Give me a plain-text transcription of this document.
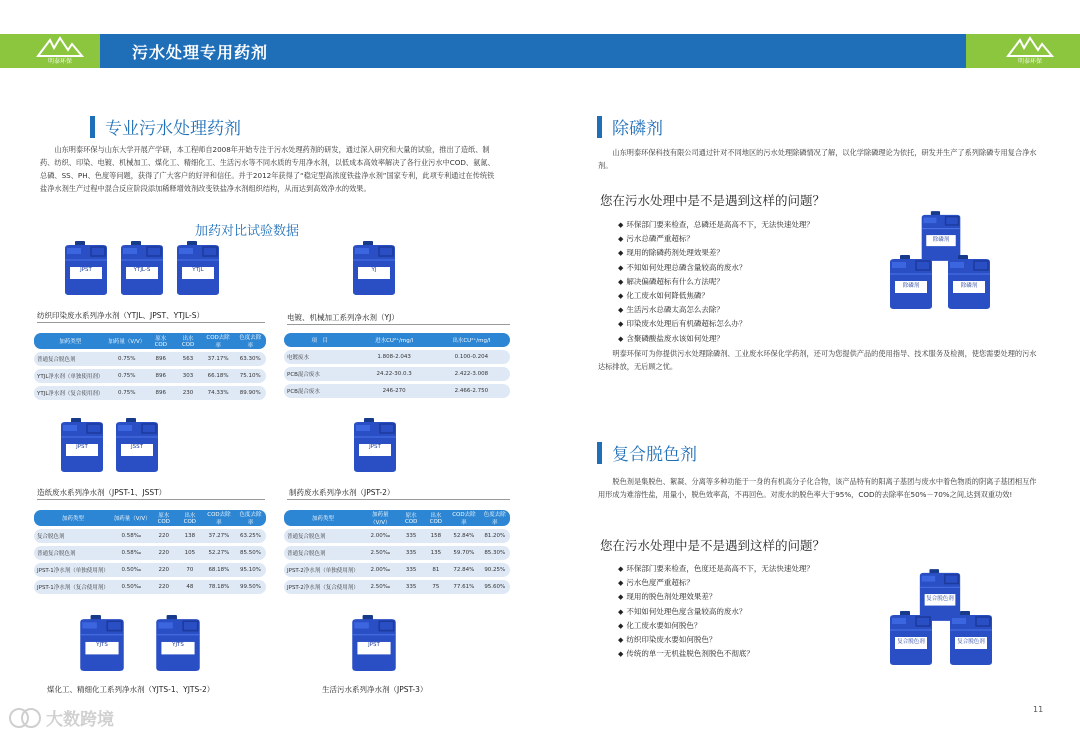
污水处理专用药剂
明泰环保	明泰环保
专业污水处理药剂
山东明泰环保与山东大学开展产学研，本工程师自2008年开始专注于污水处理药剂的研发，通过深入研究和大量的试验，推出了造纸、制药、纺织、印染、电镀、机械加工、煤化工、精细化工、生活污水等不同水质的专用净水剂，以低成本高效率解决了各行业污水中COD、氨氮、总磷、SS、PH、色度等问题，获得了广大客户的好评和信任。并于2012年获得了“稳定型高浓度铁盐净水剂”国家专利，此项专利通过在传统铁盐净水剂生产过程中混合反应阶段添加稀释增效剂改变铁盐净水剂组织结构，从而达到高效净水的效果。
加药对比试验数据
JPST	YTJL-S	YTJL	YJ
JPST	JSST	JPST
YJTS	YJTS	JPST
除磷剂
除磷剂	除磷剂
复合脱色剂
复合脱色剂	复合脱色剂
纺织印染废水系列净水剂（YTJL、JPST、YTJL-S）	电镀、机械加工系列净水剂（YJ）
加药类型	加药量（V/V）	原水COD	出水COD	COD去除率	色度去除率
普通复合脱色剂	0.75%	896	563	37.17%	63.30%
YTJL净水剂（单独使用剂）	0.75%	896	303	66.18%	75.10%
YTJL净水剂（复合使用剂）	0.75%	896	230	74.33%	89.90%
项　目	进水CU²⁺/mg/l	出水CU²⁺/mg/l
电镀废水	1.808-2.043	0.100-0.204
PCB混合废水	24.22-30.0.3	2.422-3.008
PCB混合废水	246-270	2.466-2.750
造纸废水系列净水剂（JPST-1、JSST）	制药废水系列净水剂（JPST-2）
加药类型	加药量（V/V）	原水COD	出水COD	COD去除率	色度去除率
复合脱色剂	0.58‰	220	138	37.27%	63.25%
普通复合脱色剂	0.58‰	220	105	52.27%	85.50%
JPST-1净水剂（单独使用剂）	0.50‰	220	70	68.18%	95.10%
JPST-1净水剂（复合使用剂）	0.50‰	220	48	78.18%	99.50%
加药类型	加药量（V/V）	原水COD	出水COD	COD去除率	色度去除率
普通复合脱色剂	2.00‰	335	158	52.84%	81.20%
普通复合脱色剂	2.50‰	335	135	59.70%	85.30%
JPST-2净水剂（单独使用剂）	2.00‰	335	81	72.84%	90.25%
JPST-2净水剂（复合使用剂）	2.50‰	335	75	77.61%	95.60%
煤化工、精细化工系列净水剂（YJTS-1、YJTS-2）	生活污水系列净水剂（JPST-3）
除磷剂
山东明泰环保科技有限公司通过针对不同地区的污水处理除磷情况了解，以化学除磷理论为依托，研发并生产了系列除磷专用复合净水剂。
您在污水处理中是不是遇到这样的问题？
◆ 环保部门要来检查，总磷还是高高不下，无法快速处理？
◆ 污水总磷严重超标？
◆ 现用的除磷药剂处理效果差？
◆ 不知如何处理总磷含量较高的废水？
◆ 解决偏磷超标有什么方法呢？
◆ 化工废水如何降低焦磷？
◆ 生活污水总磷太高怎么去除？
◆ 印染废水处理后有机磷超标怎么办？
◆ 含聚磷酸盐废水该如何处理？
明泰环保可为你提供污水处理除磷剂、工业废水环保化学药剂，还可为您提供产品的使用指导、技术服务及检测，使您需要处理的污水达标排放，无后顾之忧。
复合脱色剂
脱色剂是集脱色、絮凝、分离等多种功能于一身的有机高分子化合物，该产品特有的阳离子基团与废水中着色物质的阴离子基团相互作用形成为难溶性盐，用量小，脱色效率高，不再回色。对废水的脱色率大于95%，COD的去除率在50%－70%之间,达到双重功效!
您在污水处理中是不是遇到这样的问题？
◆ 环保部门要来检查，色度还是高高不下，无法快速处理？
◆ 污水色度严重超标？
◆ 现用的脱色剂处理效果差？
◆ 不知如何处理色度含量较高的废水？
◆ 化工废水要如何脱色？
◆ 纺织印染废水要如何脱色？
◆ 传统的单一无机盐脱色剂脱色不彻底？
11
大数跨境
